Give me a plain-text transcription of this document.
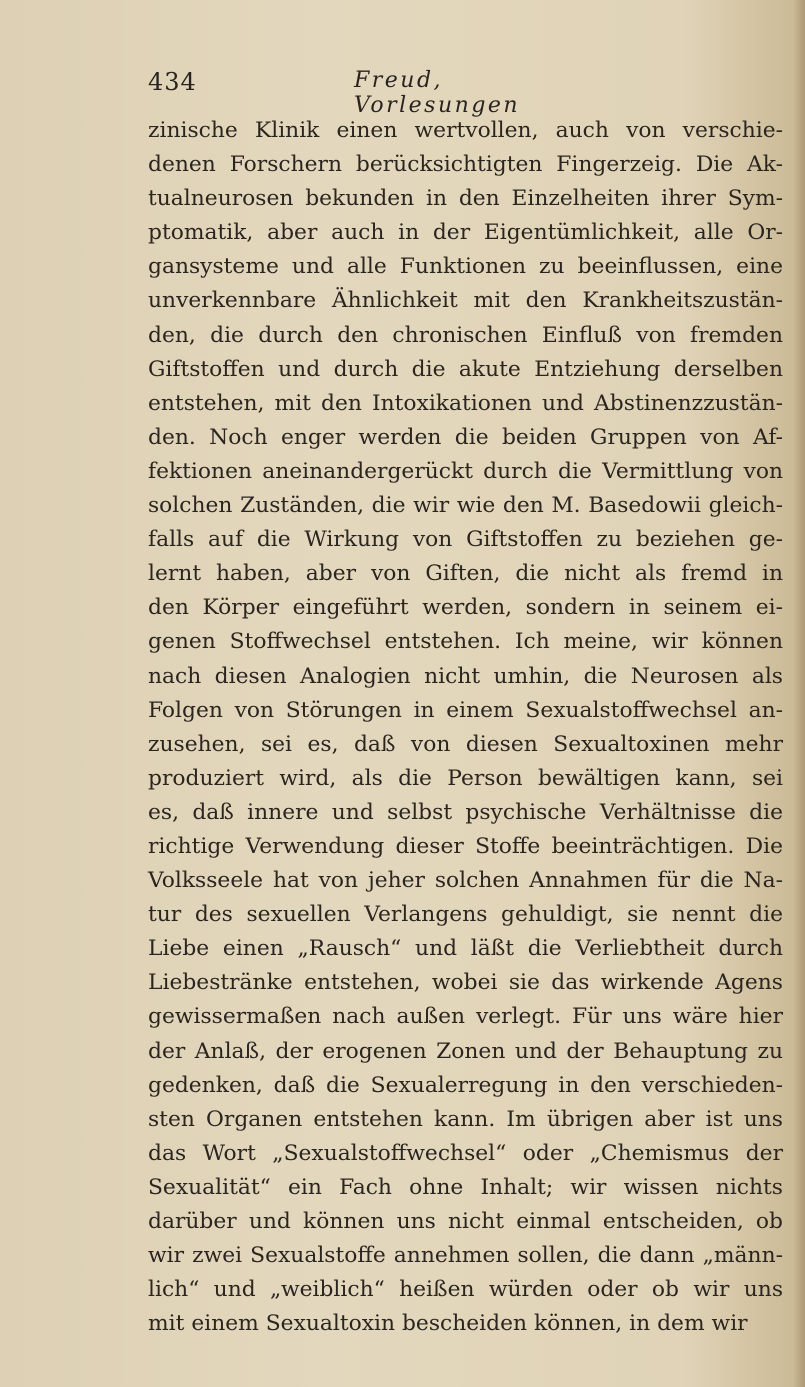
434	Freud, Vorlesungen
zinische Klinik einen wertvollen, auch von verschie-
denen Forschern berücksichtigten Fingerzeig. Die Ak-
tualneurosen bekunden in den Einzelheiten ihrer Sym-
ptomatik, aber auch in der Eigentümlichkeit, alle Or-
gansysteme und alle Funktionen zu beeinflussen, eine
unverkennbare Ähnlichkeit mit den Krankheitszustän-
den, die durch den chronischen Einfluß von fremden
Giftstoffen und durch die akute Entziehung derselben
entstehen, mit den Intoxikationen und Abstinenzzustän-
den. Noch enger werden die beiden Gruppen von Af-
fektionen aneinandergerückt durch die Vermittlung von
solchen Zuständen, die wir wie den M. Basedowii gleich-
falls auf die Wirkung von Giftstoffen zu beziehen ge-
lernt haben, aber von Giften, die nicht als fremd in
den Körper eingeführt werden, sondern in seinem ei-
genen Stoffwechsel entstehen. Ich meine, wir können
nach diesen Analogien nicht umhin, die Neurosen als
Folgen von Störungen in einem Sexualstoffwechsel an-
zusehen, sei es, daß von diesen Sexualtoxinen mehr
produziert wird, als die Person bewältigen kann, sei
es, daß innere und selbst psychische Verhältnisse die
richtige Verwendung dieser Stoffe beeinträchtigen. Die
Volksseele hat von jeher solchen Annahmen für die Na-
tur des sexuellen Verlangens gehuldigt, sie nennt die
Liebe einen „Rausch“ und läßt die Verliebtheit durch
Liebestränke entstehen, wobei sie das wirkende Agens
gewissermaßen nach außen verlegt. Für uns wäre hier
der Anlaß, der erogenen Zonen und der Behauptung zu
gedenken, daß die Sexualerregung in den verschieden-
sten Organen entstehen kann. Im übrigen aber ist uns
das Wort „Sexualstoffwechsel“ oder „Chemismus der
Sexualität“ ein Fach ohne Inhalt; wir wissen nichts
darüber und können uns nicht einmal entscheiden, ob
wir zwei Sexualstoffe annehmen sollen, die dann „männ-
lich“ und „weiblich“ heißen würden oder ob wir uns
mit einem Sexualtoxin bescheiden können, in dem wir
